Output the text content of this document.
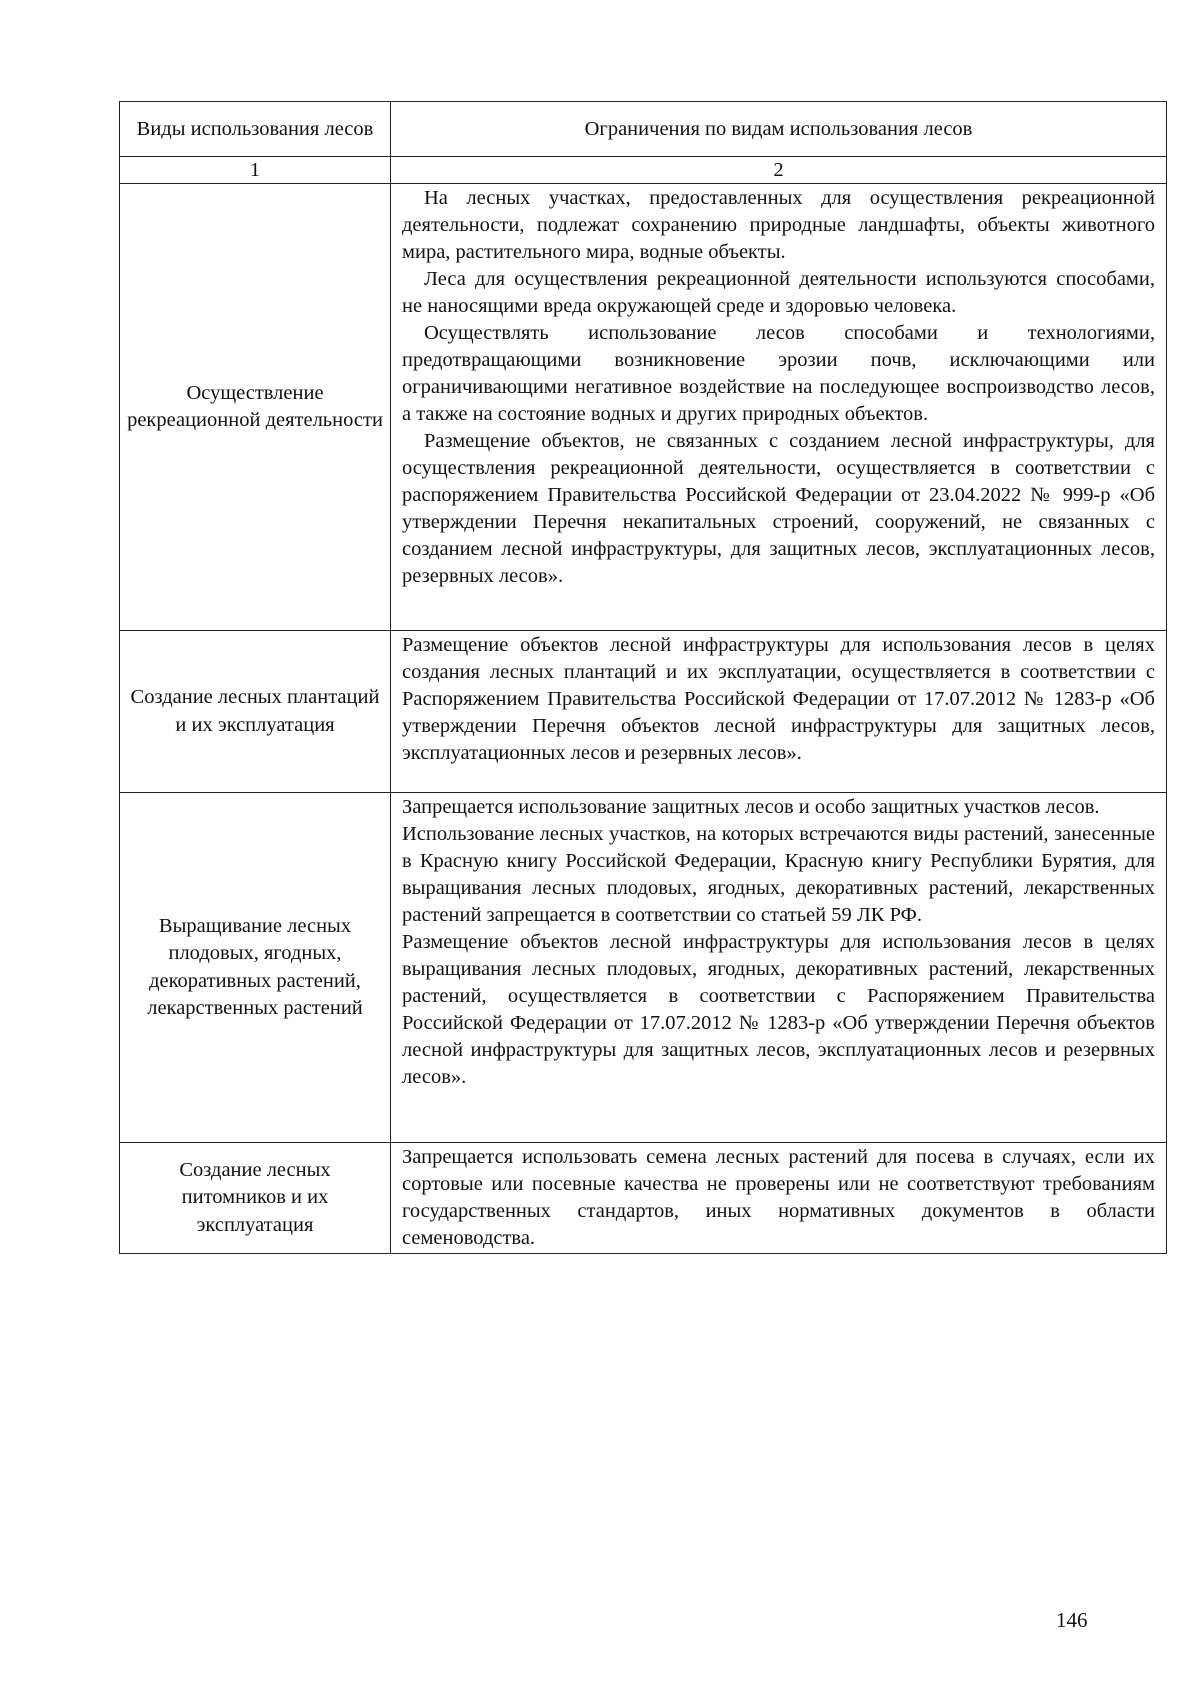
Виды использования лесов	Ограничения по видам использования лесов
1	2
Осуществление рекреационной деятельности	На лесных участках, предоставленных для осуществления рекреационной деятельности, подлежат сохранению природные ландшафты, объекты животного мира, растительного мира, водные объекты.

Леса для осуществления рекреационной деятельности используются способами, не наносящими вреда окружающей среде и здоровью человека.

Осуществлять использование лесов способами и технологиями, предотвращающими возникновение эрозии почв, исключающими или ограничивающими негативное воздействие на последующее воспроизводство лесов, а также на состояние водных и других природных объектов.

Размещение объектов, не связанных с созданием лесной инфраструктуры, для осуществления рекреационной деятельности, осуществляется в соответствии с распоряжением Правительства Российской Федерации от 23.04.2022 № 999-р «Об утверждении Перечня некапитальных строений, сооружений, не связанных с созданием лесной инфраструктуры, для защитных лесов, эксплуатационных лесов, резервных лесов».

Создание лесных плантаций и их эксплуатация	Размещение объектов лесной инфраструктуры для использования лесов в целях создания лесных плантаций и их эксплуатации, осуществляется в соответствии с Распоряжением Правительства Российской Федерации от 17.07.2012 № 1283-р «Об утверждении Перечня объектов лесной инфраструктуры для защитных лесов, эксплуатационных лесов и резервных лесов».

Выращивание лесных плодовых, ягодных, декоративных растений, лекарственных растений	Запрещается использование защитных лесов и особо защитных участков лесов.

Использование лесных участков, на которых встречаются виды растений, занесенные в Красную книгу Российской Федерации, Красную книгу Республики Бурятия, для выращивания лесных плодовых, ягодных, декоративных растений, лекарственных растений запрещается в соответствии со статьей 59 ЛК РФ.

Размещение объектов лесной инфраструктуры для использования лесов в целях выращивания лесных плодовых, ягодных, декоративных растений, лекарственных растений, осуществляется в соответствии с Распоряжением Правительства Российской Федерации от 17.07.2012 № 1283-р «Об утверждении Перечня объектов лесной инфраструктуры для защитных лесов, эксплуатационных лесов и резервных лесов».

Создание лесных питомников и их эксплуатация	Запрещается использовать семена лесных растений для посева в случаях, если их сортовые или посевные качества не проверены или не соответствуют требованиям государственных стандартов, иных нормативных документов в области семеноводства.

146
